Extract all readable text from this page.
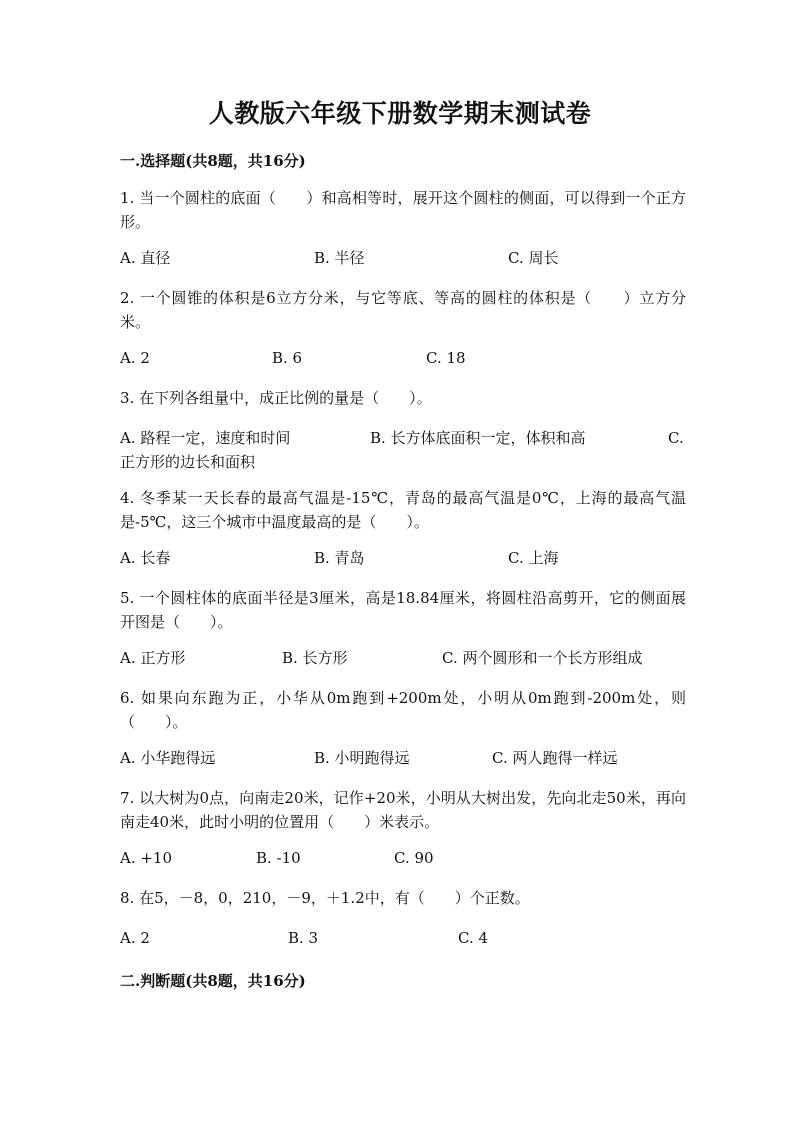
人教版六年级下册数学期末测试卷
一.选择题(共8题，共16分)
1. 当一个圆柱的底面（　　）和高相等时，展开这个圆柱的侧面，可以得到一个正方形。
A. 直径	B. 半径	C. 周长
2. 一个圆锥的体积是6立方分米，与它等底、等高的圆柱的体积是（　　）立方分米。
A. 2	B. 6	C. 18
3. 在下列各组量中，成正比例的量是（　　）。
A. 路程一定，速度和时间	B. 长方体底面积一定，体积和高	C.
正方形的边长和面积
4. 冬季某一天长春的最高气温是-15℃，青岛的最高气温是0℃，上海的最高气温是-5℃，这三个城市中温度最高的是（　　）。
A. 长春	B. 青岛	C. 上海
5. 一个圆柱体的底面半径是3厘米，高是18.84厘米，将圆柱沿高剪开，它的侧面展开图是（　　）。
A. 正方形	B. 长方形	C. 两个圆形和一个长方形组成
6. 如果向东跑为正，小华从0m跑到+200m处，小明从0m跑到-200m处，则（　　）。
A. 小华跑得远	B. 小明跑得远	C. 两人跑得一样远
7. 以大树为0点，向南走20米，记作+20米，小明从大树出发，先向北走50米，再向南走40米，此时小明的位置用（　　）米表示。
A. +10	B. -10	C. 90
8. 在5，－8，0，210，－9，＋1.2中，有（　　）个正数。
A. 2	B. 3	C. 4
二.判断题(共8题，共16分)
